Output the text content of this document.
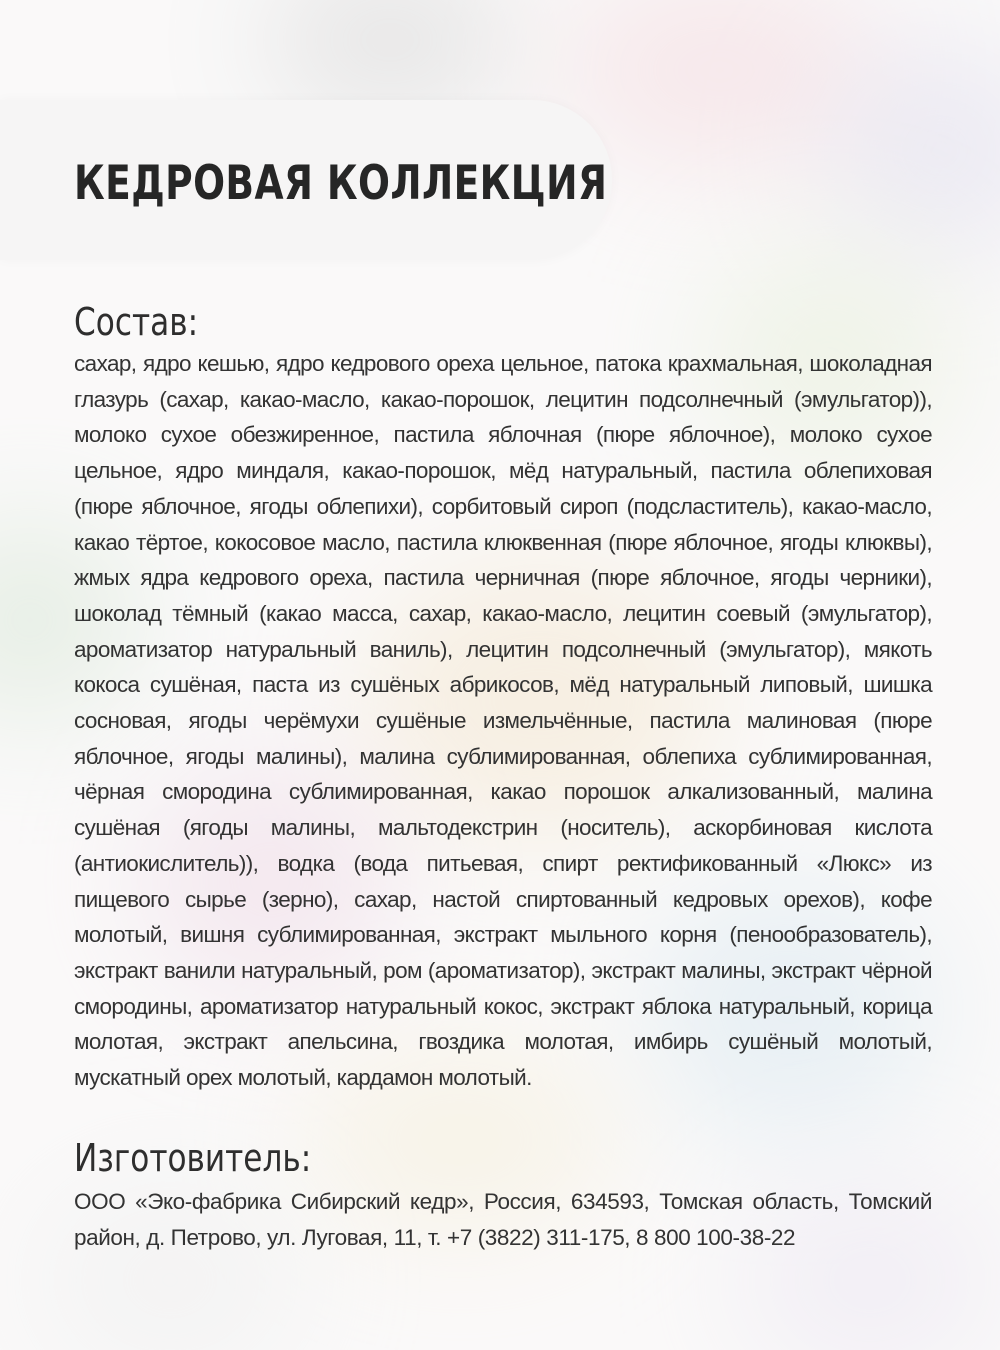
КЕДРОВАЯ КОЛЛЕКЦИЯ
Состав:

сахар, ядро кешью, ядро кедрового ореха цельное, патока крахмальная, шоколадная глазурь (сахар, какао-масло, какао-порошок, лецитин подсолнечный (эмульгатор)), молоко сухое обезжиренное, пастила яблочная (пюре яблочное), молоко сухое цельное, ядро миндаля, какао-порошок, мёд натуральный, пастила облепиховая (пюре яблочное, ягоды облепихи), сорбитовый сироп (подсластитель), какао-масло, какао тёртое, кокосовое масло, пастила клюквенная (пюре яблочное, ягоды клюквы), жмых ядра кедрового ореха, пастила черничная (пюре яблочное, ягоды черники), шоколад тёмный (какао масса, сахар, какао-масло, лецитин соевый (эмульгатор), ароматизатор натуральный ваниль), лецитин подсолнечный (эмульгатор), мякоть кокоса сушёная, паста из сушёных абрикосов, мёд натуральный липовый, шишка сосновая, ягоды черёмухи сушёные измельчённые, пастила малиновая (пюре яблочное, ягоды малины), малина сублимированная, облепиха сублимированная, чёрная смородина сублимированная, какао порошок алкализованный, малина сушёная (ягоды малины, мальтодекстрин (носитель), аскорбиновая кислота (антиокислитель)), водка (вода питьевая, спирт ректификованный «Люкс» из пищевого сырье (зерно), сахар, настой спиртованный кедровых орехов), кофе молотый, вишня сублимированная, экстракт мыльного корня (пенообразователь), экстракт ванили натуральный, ром (ароматизатор), экстракт малины, экстракт чёрной смородины, ароматизатор натуральный кокос, экстракт яблока натуральный, корица молотая, экстракт апельсина, гвоздика молотая, имбирь сушёный молотый, мускатный орех молотый, кардамон молотый.

Изготовитель:

ООО «Эко-фабрика Сибирский кедр», Россия, 634593, Томская область, Томский район, д. Петрово, ул. Луговая, 11, т. +7 (3822) 311-175, 8 800 100-38-22
